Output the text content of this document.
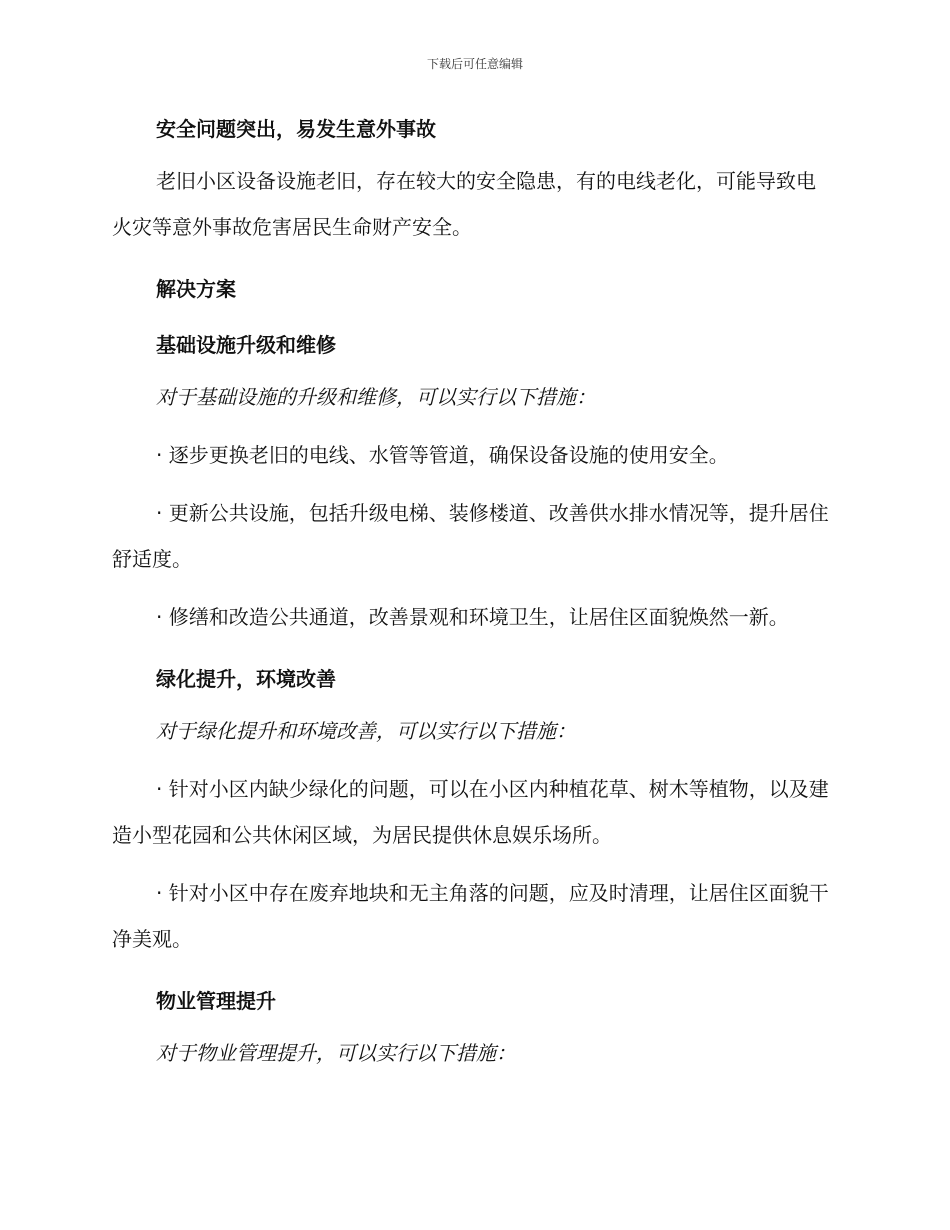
下载后可任意编辑
安全问题突出，易发生意外事故

老旧小区设备设施老旧，存在较大的安全隐患，有的电线老化，可能导致电火灾等意外事故危害居民生命财产安全。

解决方案
基础设施升级和维修

对于基础设施的升级和维修，可以实行以下措施：

· 逐步更换老旧的电线、水管等管道，确保设备设施的使用安全。

· 更新公共设施，包括升级电梯、装修楼道、改善供水排水情况等，提升居住舒适度。

· 修缮和改造公共通道，改善景观和环境卫生，让居住区面貌焕然一新。

绿化提升，环境改善

对于绿化提升和环境改善，可以实行以下措施：

· 针对小区内缺少绿化的问题，可以在小区内种植花草、树木等植物，以及建造小型花园和公共休闲区域，为居民提供休息娱乐场所。

· 针对小区中存在废弃地块和无主角落的问题，应及时清理，让居住区面貌干净美观。

物业管理提升

对于物业管理提升，可以实行以下措施：
